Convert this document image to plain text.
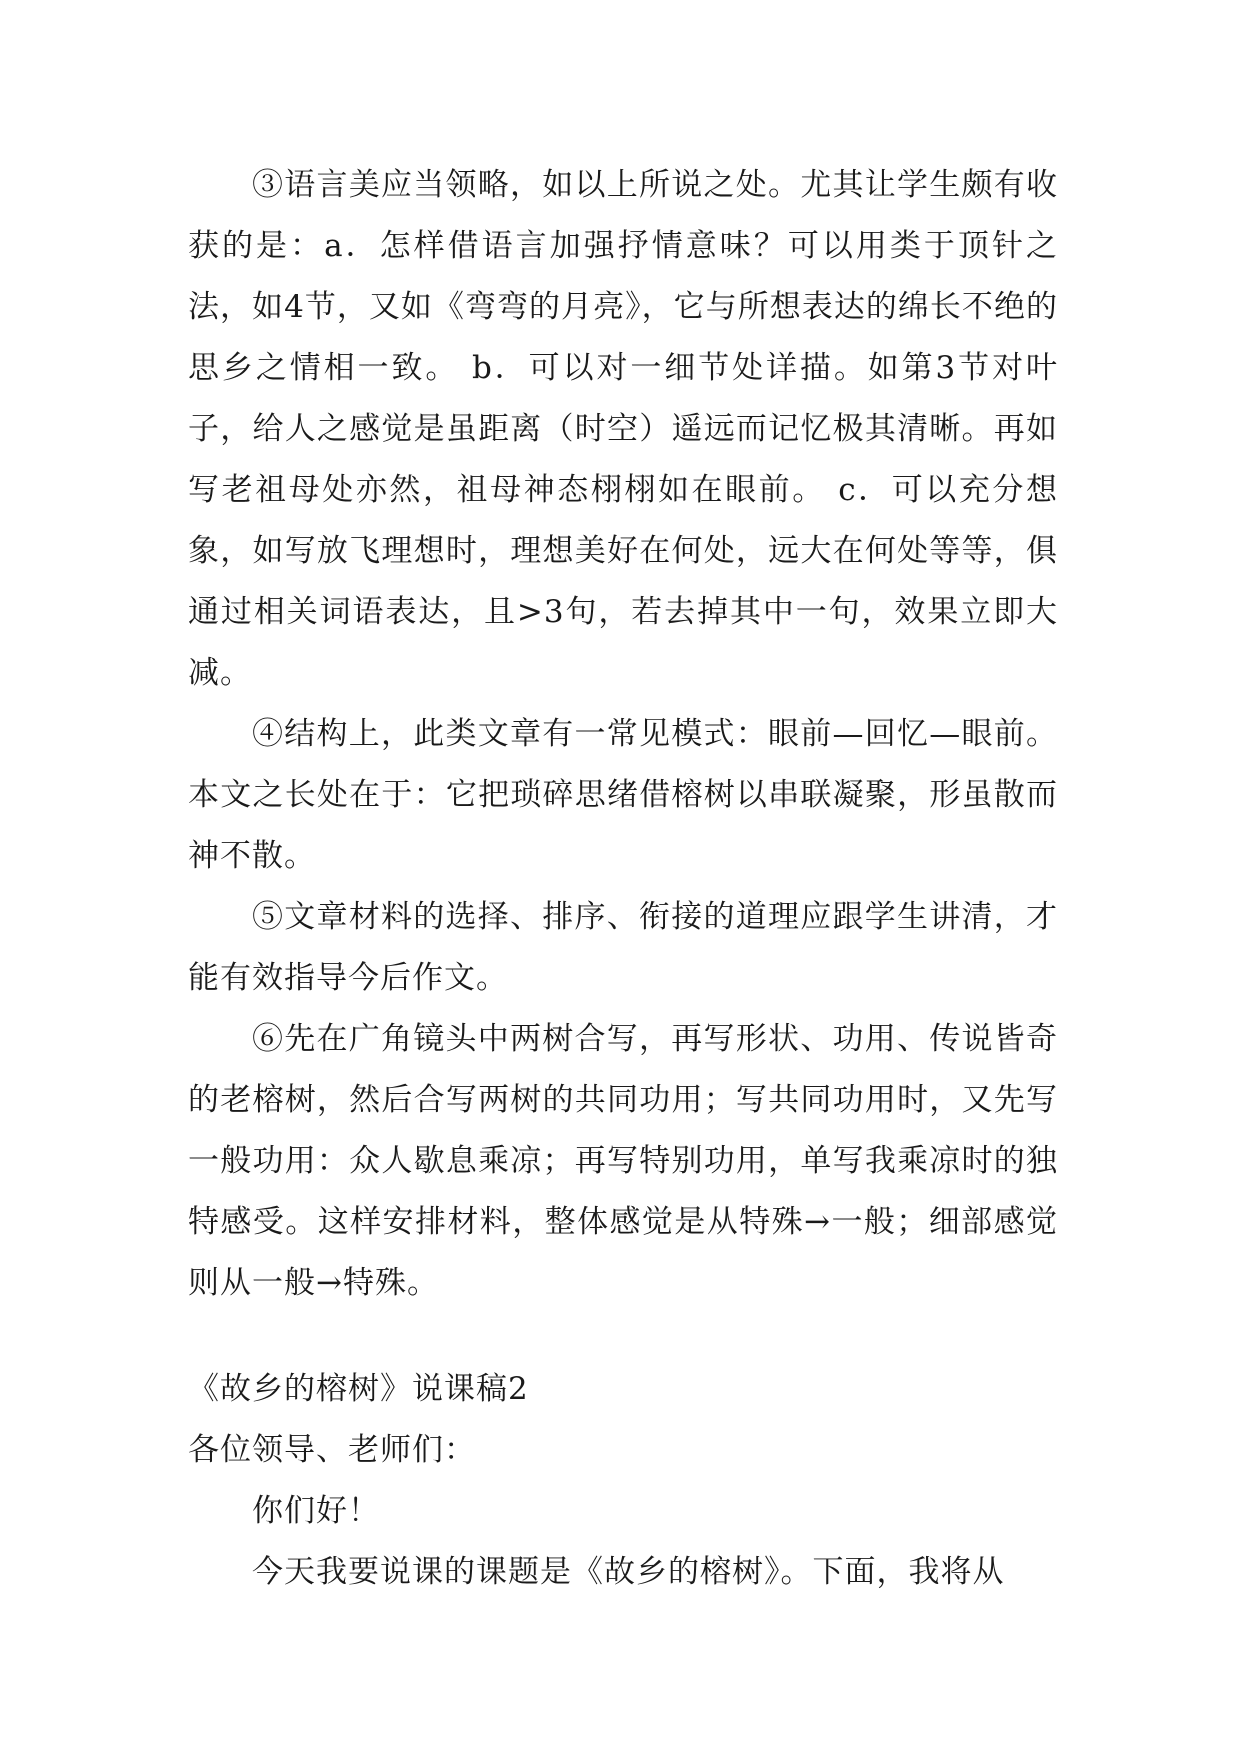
③语言美应当领略，如以上所说之处。尤其让学生颇有收获的是：a．怎样借语言加强抒情意味？可以用类于顶针之法，如4节，又如《弯弯的月亮》，它与所想表达的绵长不绝的思乡之情相一致。 b．可以对一细节处详描。如第3节对叶子，给人之感觉是虽距离（时空）遥远而记忆极其清晰。再如写老祖母处亦然，祖母神态栩栩如在眼前。 c．可以充分想象，如写放飞理想时，理想美好在何处，远大在何处等等，俱通过相关词语表达，且>3句，若去掉其中一句，效果立即大减。

④结构上，此类文章有一常见模式：眼前—回忆—眼前。本文之长处在于：它把琐碎思绪借榕树以串联凝聚，形虽散而神不散。

⑤文章材料的选择、排序、衔接的道理应跟学生讲清，才能有效指导今后作文。

⑥先在广角镜头中两树合写，再写形状、功用、传说皆奇的老榕树，然后合写两树的共同功用；写共同功用时，又先写一般功用：众人歇息乘凉；再写特别功用，单写我乘凉时的独特感受。这样安排材料，整体感觉是从特殊→一般；细部感觉则从一般→特殊。

《故乡的榕树》说课稿2

各位领导、老师们：

你们好！

今天我要说课的课题是《故乡的榕树》。下面，我将从
